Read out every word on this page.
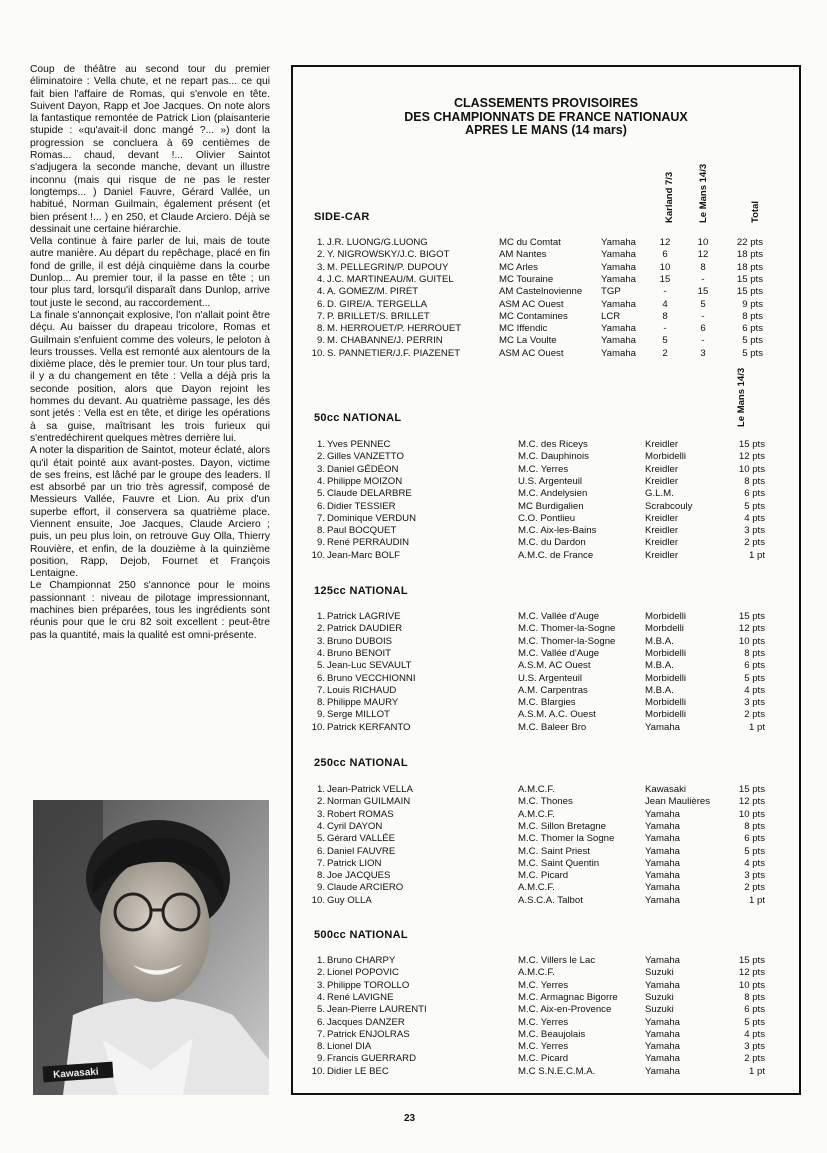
Coup de théâtre au second tour du premier éliminatoire : Vella chute, et ne repart pas... ce qui fait bien l'affaire de Romas, qui s'envole en tête. Suivent Dayon, Rapp et Joe Jacques. On note alors la fantastique remontée de Patrick Lion (plaisanterie stupide : «qu'avait-il donc mangé ?... ») dont la progression se concluera à 69 centièmes de Romas... chaud, devant !... Olivier Saintot s'adjugera la seconde manche, devant un illustre inconnu (mais qui risque de ne pas le rester longtemps... ) Daniel Fauvre, Gérard Vallée, un habitué, Norman Guilmain, également présent (et bien présent !... ) en 250, et Claude Arciero. Déjà se dessinait une certaine hiérarchie.

Vella continue à faire parler de lui, mais de toute autre manière. Au départ du repêchage, placé en fin fond de grille, il est déjà cinquième dans la courbe Dunlop... Au premier tour, il la passe en tête ; un tour plus tard, lorsqu'il disparaît dans Dunlop, arrive tout juste le second, au raccordement...

La finale s'annonçait explosive, l'on n'allait point être déçu. Au baisser du drapeau tricolore, Romas et Guilmain s'enfuient comme des voleurs, le peloton à leurs trousses. Vella est remonté aux alentours de la dixième place, dès le premier tour. Un tour plus tard, il y a du changement en tête : Vella a déjà pris la seconde position, alors que Dayon rejoint les hommes du devant. Au quatrième passage, les dés sont jetés : Vella est en tête, et dirige les opérations à sa guise, maîtrisant les trois furieux qui s'entredéchirent quelques mètres derrière lui.

A noter la disparition de Saintot, moteur éclaté, alors qu'il était pointé aux avant-postes. Dayon, victime de ses freins, est lâché par le groupe des leaders. Il est absorbé par un trio très agressif, composé de Messieurs Vallée, Fauvre et Lion. Au prix d'un superbe effort, il conservera sa quatrième place. Viennent ensuite, Joe Jacques, Claude Arciero ; puis, un peu plus loin, on retrouve Guy Olla, Thierry Rouvière, et enfin, de la douzième à la quinzième position, Rapp, Dejob, Fournet et François Lentaigne.

Le Championnat 250 s'annonce pour le moins passionnant : niveau de pilotage impressionnant, machines bien préparées, tous les ingrédients sont réunis pour que le cru 82 soit excellent : peut-être pas la quantité, mais la qualité est omni-présente.

Kawasaki
CLASSEMENTS PROVISOIRES
DES CHAMPIONNATS DE FRANCE NATIONAUX
APRES LE MANS (14 mars)
Karland 7/3 Le Mans 14/3	Total
Le Mans 14/3
SIDE-CAR
1. J.R. LUONG/G.LUONG	MC du Comtat	Yamaha	12	10	22 pts
2. Y. NIGROWSKY/J.C. BIGOT	AM Nantes	Yamaha	6	12	18 pts
3. M. PELLEGRIN/P. DUPOUY	MC Arles	Yamaha	10	8	18 pts
4. J.C. MARTINEAU/M. GUITEL	MC Touraine	Yamaha	15	-	15 pts
4. A. GOMEZ/M. PIRET	AM Castelnovienne TGP	-	15	15 pts
6. D. GIRE/A. TERGELLA	ASM AC Ouest	Yamaha	4	5	9 pts
7. P. BRILLET/S. BRILLET	MC Contamines	LCR	8	-	8 pts
8. M. HERROUET/P. HERROUET	MC Iffendic	Yamaha	-	6	6 pts
9. M. CHABANNE/J. PERRIN	MC La Voulte	Yamaha	5	-	5 pts
10. S. PANNETIER/J.F. PIAZENET	ASM AC Ouest	Yamaha	2	3	5 pts
50cc NATIONAL
1. Yves PENNEC	M.C. des Riceys	Kreidler	15 pts
2. Gilles VANZETTO	M.C. Dauphinois	Morbidelli	12 pts
3. Daniel GÉDÉON	M.C. Yerres	Kreidler	10 pts
4. Philippe MOIZON	U.S. Argenteuil	Kreidler	8 pts
5. Claude DELARBRE	M.C. Andelysien	G.L.M.	6 pts
6. Didier TESSIER	MC Burdigalien	Scrabcouly	5 pts
7. Dominique VERDUN	C.O. Pontlieu	Kreidler	4 pts
8. Paul BOCQUET	M.C. Aix-les-Bains	Kreidler	3 pts
9. René PERRAUDIN	M.C. du Dardon	Kreidler	2 pts
10. Jean-Marc BOLF	A.M.C. de France	Kreidler	1 pt
125cc NATIONAL
1. Patrick LAGRIVE	M.C. Vallée d'Auge	Morbidelli	15 pts
2. Patrick DAUDIER	M.C. Thomer-la-Sogne	Morbdelli	12 pts
3. Bruno DUBOIS	M.C. Thomer-la-Sogne	M.B.A.	10 pts
4. Bruno BENOIT	M.C. Vallée d'Auge	Morbidelli	8 pts
5. Jean-Luc SEVAULT	A.S.M. AC Ouest	M.B.A.	6 pts
6. Bruno VECCHIONNI	U.S. Argenteuil	Morbidelli	5 pts
7. Louis RICHAUD	A.M. Carpentras	M.B.A.	4 pts
8. Philippe MAURY	M.C. Blargies	Morbidelli	3 pts
9. Serge MILLOT	A.S.M. A.C. Ouest	Morbidelli	2 pts
10. Patrick KERFANTO	M.C. Baleer Bro	Yamaha	1 pt
250cc NATIONAL
1. Jean-Patrick VELLA	A.M.C.F.	Kawasaki	15 pts
2. Norman GUILMAIN	M.C. Thones	Jean Maulières	12 pts
3. Robert ROMAS	A.M.C.F.	Yamaha	10 pts
4. Cyril DAYON	M.C. Sillon Bretagne	Yamaha	8 pts
5. Gérard VALLÉE	M.C. Thomer la Sogne	Yamaha	6 pts
6. Daniel FAUVRE	M.C. Saint Priest	Yamaha	5 pts
7. Patrick LION	M.C. Saint Quentin	Yamaha	4 pts
8. Joe JACQUES	M.C. Picard	Yamaha	3 pts
9. Claude ARCIERO	A.M.C.F.	Yamaha	2 pts
10. Guy OLLA	A.S.C.A. Talbot	Yamaha	1 pt
500cc NATIONAL
1. Bruno CHARPY	M.C. Villers le Lac	Yamaha	15 pts
2. Lionel POPOVIC	A.M.C.F.	Suzuki	12 pts
3. Philippe TOROLLO	M.C. Yerres	Yamaha	10 pts
4. René LAVIGNE	M.C. Armagnac Bigorre	Suzuki	8 pts
5. Jean-Pierre LAURENTI	M.C. Aix-en-Provence	Suzuki	6 pts
6. Jacques DANZER	M.C. Yerres	Yamaha	5 pts
7. Patrick ENJOLRAS	M.C. Beaujolais	Yamaha	4 pts
8. Lionel DIA	M.C. Yerres	Yamaha	3 pts
9. Francis GUERRARD	M.C. Picard	Yamaha	2 pts
10. Didier LE BEC	M.C S.N.E.C.M.A.	Yamaha	1 pt
23
